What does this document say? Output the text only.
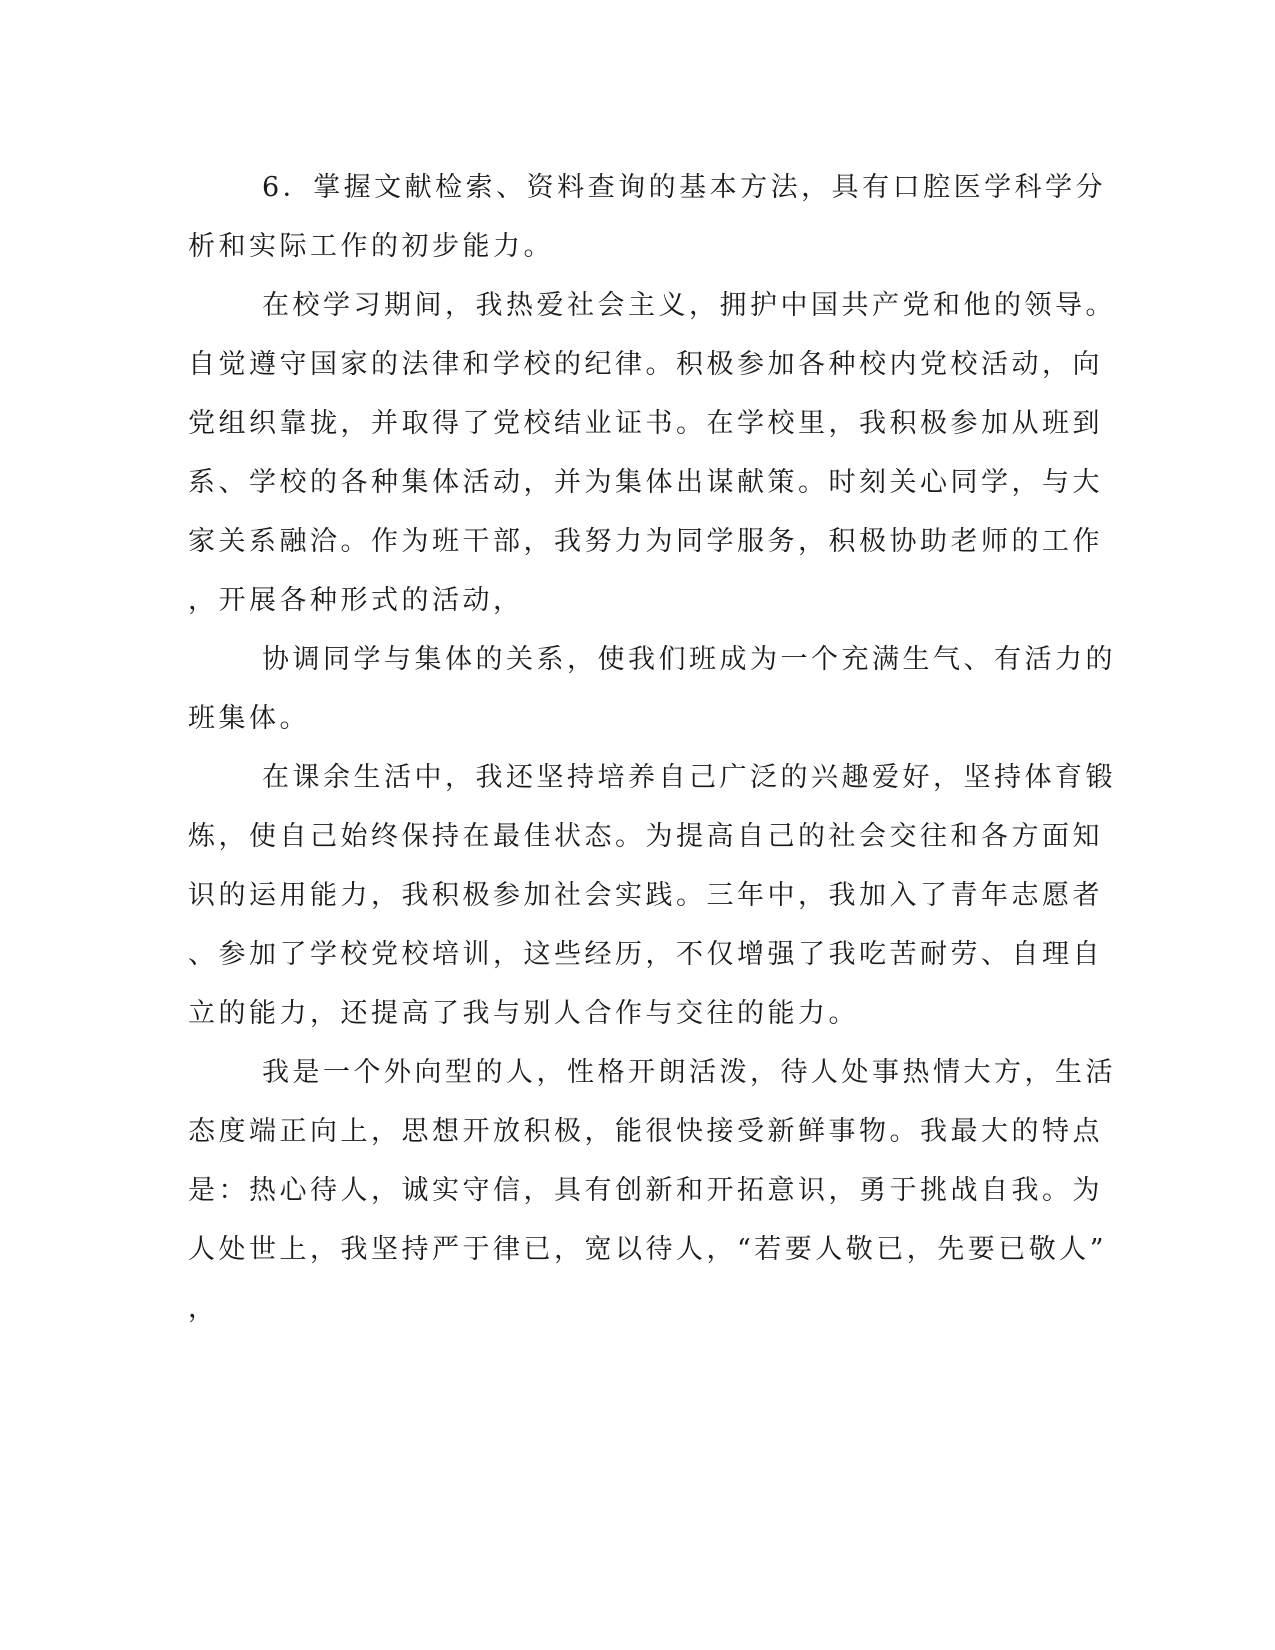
6．掌握文献检索、资料查询的基本方法，具有口腔医学科学分
析和实际工作的初步能力。
在校学习期间，我热爱社会主义，拥护中国共产党和他的领导。
自觉遵守国家的法律和学校的纪律。积极参加各种校内党校活动，向
党组织靠拢，并取得了党校结业证书。在学校里，我积极参加从班到
系、学校的各种集体活动，并为集体出谋献策。时刻关心同学，与大
家关系融洽。作为班干部，我努力为同学服务，积极协助老师的工作
，开展各种形式的活动，
协调同学与集体的关系，使我们班成为一个充满生气、有活力的
班集体。
在课余生活中，我还坚持培养自己广泛的兴趣爱好，坚持体育锻
炼，使自己始终保持在最佳状态。为提高自己的社会交往和各方面知
识的运用能力，我积极参加社会实践。三年中，我加入了青年志愿者
、参加了学校党校培训，这些经历，不仅增强了我吃苦耐劳、自理自
立的能力，还提高了我与别人合作与交往的能力。
我是一个外向型的人，性格开朗活泼，待人处事热情大方，生活
态度端正向上，思想开放积极，能很快接受新鲜事物。我最大的特点
是：热心待人，诚实守信，具有创新和开拓意识，勇于挑战自我。为
人处世上，我坚持严于律已，宽以待人，“若要人敬已，先要已敬人”
，
